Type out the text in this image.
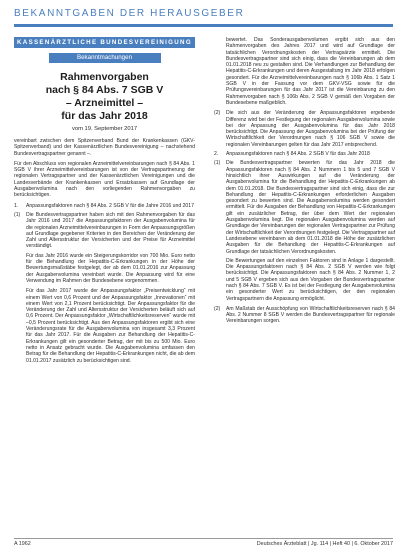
BEKANNTGABEN DER HERAUSGEBER
KASSENÄRZTLICHE BUNDESVEREINIGUNG
Bekanntmachungen
Rahmenvorgaben
nach § 84 Abs. 7 SGB V
– Arzneimittel –
für das Jahr 2018
vom 19. September 2017

vereinbart zwischen dem Spitzenverband Bund der Krankenkassen (GKV-Spitzenverband) und der Kassenärztlichen Bundesvereinigung – nachstehend Bundesvertragspartner genannt –.

Für den Abschluss von regionalen Arzneimittelvereinbarungen nach § 84 Abs. 1 SGB V ihrer Arzneimittelvereinbarungen ist von der Vertragspartnerung der regionalen Vertragspartner und der Kassenärztlichen Vereinigungen und die Landesverbände der Krankenkassen und Ersatzkassen auf Grundlage der Ausgabenvolumina nach den vorliegenden Rahmenvorgaben zu berücksichtigen.

1.	Anpassungsfaktoren nach § 84 Abs. 2 SGB V für die Jahre 2016 und 2017
(1)	Die Bundesvertragspartner haben sich mit den Rahmenvorgaben für das Jahr 2016 und 2017 die Anpassungsfaktoren der Ausgabenvolumina für die regionalen Arzneimittelvereinbarungen in Form der Anpassungsgrößen auf Grundlage gegebener Kriterien in den Bereichen der Veränderung der Zahl und Altersstruktur der Versicherten und der Preise für Arzneimittel verständigt.

Für das Jahr 2016 wurde ein Steigerungskorridor von 700 Mio. Euro netto für die Behandlung der Hepatitis-C-Erkrankungen in der Höhe der Bewertungsmaßstäbe festgelegt, der ab dem 01.01.2016 zur Anpassung der Ausgabenvolumina vereinbart wurde. Die Anpassung wird für eine Verwendung im Rahmen der Bundesebene vorgenommen.

Für das Jahr 2017 wurde der Anpassungsfaktor „Preisentwicklung“ mit einem Wert von 0,6 Prozent und der Anpassungsfaktor „Innovationen“ mit einem Wert von 2,1 Prozent berücksichtigt. Der Anpassungsfaktor für die Veränderung der Zahl und Altersstruktur der Versicherten beläuft sich auf 0,6 Prozent. Der Anpassungsfaktor „Wirtschaftlichkeitsreserven“ wurde mit –0,5 Prozent berücksichtigt. Aus den Anpassungsfaktoren ergibt sich eine Veränderungsrate für die Ausgabenvolumina von insgesamt 3,3 Prozent für das Jahr 2017. Für die Ausgaben zur Behandlung der Hepatitis-C-Erkrankungen gilt ein gesonderter Betrag, der mit bis zu 500 Mio. Euro netto in Ansatz gebracht wurde. Die Ausgabenvolumina umfassen den Betrag für die Behandlung der Hepatitis-C-Erkrankungen nicht, die ab dem 01.01.2017 zusätzlich zu berücksichtigen sind.

bewertet. Das Sonderausgabenvolumen ergibt sich aus den Rahmenvorgaben des Jahres 2017 und wird auf Grundlage der tatsächlichen Verordnungskosten der Vertragsärzte ermittelt. Die Bundesvertragspartner sind sich einig, dass die Vereinbarungen ab dem 01.01.2018 neu zu gestalten sind. Die Verhandlungen zur Behandlung der Hepatitis-C-Erkrankungen und deren Ausgestaltung im Jahr 2018 erfolgen gesondert. Für die Arzneimittelvereinbarungen nach § 106b Abs. 1 Satz 1 SGB V in der Fassung vor dem GKV-VSG sowie für die Prüfungsvereinbarungen für das Jahr 2017 ist die Vereinbarung zu den Rahmenvorgaben nach § 106b Abs. 2 SGB V gemäß den Vorgaben der Bundesebene maßgeblich.

(2)	Die sich aus der Veränderung der Anpassungsfaktoren ergebende Differenz wird bei der Festlegung der regionalen Ausgabenvolumina sowie bei der Anpassung der Ausgabenvolumina für das Jahr 2018 berücksichtigt. Die Anpassung der Ausgabenvolumina bei der Prüfung der Wirtschaftlichkeit der Verordnungen nach § 106 SGB V sowie die regionalen Vereinbarungen gelten für das Jahr 2017 entsprechend.
2.	Anpassungsfaktoren nach § 84 Abs. 2 SGB V für das Jahr 2018
(1)	Die Bundesvertragspartner bewerten für das Jahr 2018 die Anpassungsfaktoren nach § 84 Abs. 2 Nummern 1 bis 5 und 7 SGB V hinsichtlich ihrer Auswirkungen auf die Veränderung der Ausgabenvolumina für die Behandlung der Hepatitis-C-Erkrankungen ab dem 01.01.2018. Die Bundesvertragspartner sind sich einig, dass die zur Behandlung der Hepatitis-C-Erkrankungen erforderlichen Ausgaben gesondert zu bewerten sind. Die Ausgabenvolumina werden gesondert ermittelt. Für die Ausgaben der Behandlung von Hepatitis-C-Erkrankungen gilt ein zusätzlicher Betrag, der über dem Wert der regionalen Ausgabenvolumina liegt. Die regionalen Ausgabenvolumina werden auf Grundlage der Vereinbarungen der regionalen Vertragspartner zur Prüfung der Wirtschaftlichkeit der Verordnungen festgelegt. Die Vertragspartner auf Landesebene vereinbaren ab dem 01.01.2018 die Höhe der zusätzlichen Ausgaben für die Behandlung der Hepatitis-C-Erkrankungen auf Grundlage der tatsächlichen Verordnungskosten.

Die Bewertungen auf den einzelnen Faktoren sind in Anlage 1 dargestellt. Die Anpassungsfaktoren nach § 84 Abs. 2 SGB V werden wie folgt berücksichtigt. Die Anpassungsfaktoren nach § 84 Abs. 2 Nummer 1, 2 und 5 SGB V ergeben sich aus den Vorgaben der Bundesvertragspartner nach § 84 Abs. 7 SGB V. Es ist bei der Festlegung der Ausgabenvolumina ein gesonderter Wert zu berücksichtigen, der den regionalen Vertragspartnern die Anpassung ermöglicht.

(2)	Am Maßstab der Ausschöpfung von Wirtschaftlichkeitsreserven nach § 84 Abs. 2 Nummer 8 SGB V werden die Bundesvertragspartner für regionale Vereinbarungen sorgen.
A 1962	Deutsches Ärzteblatt | Jg. 114 | Heft 40 | 6. Oktober 2017
